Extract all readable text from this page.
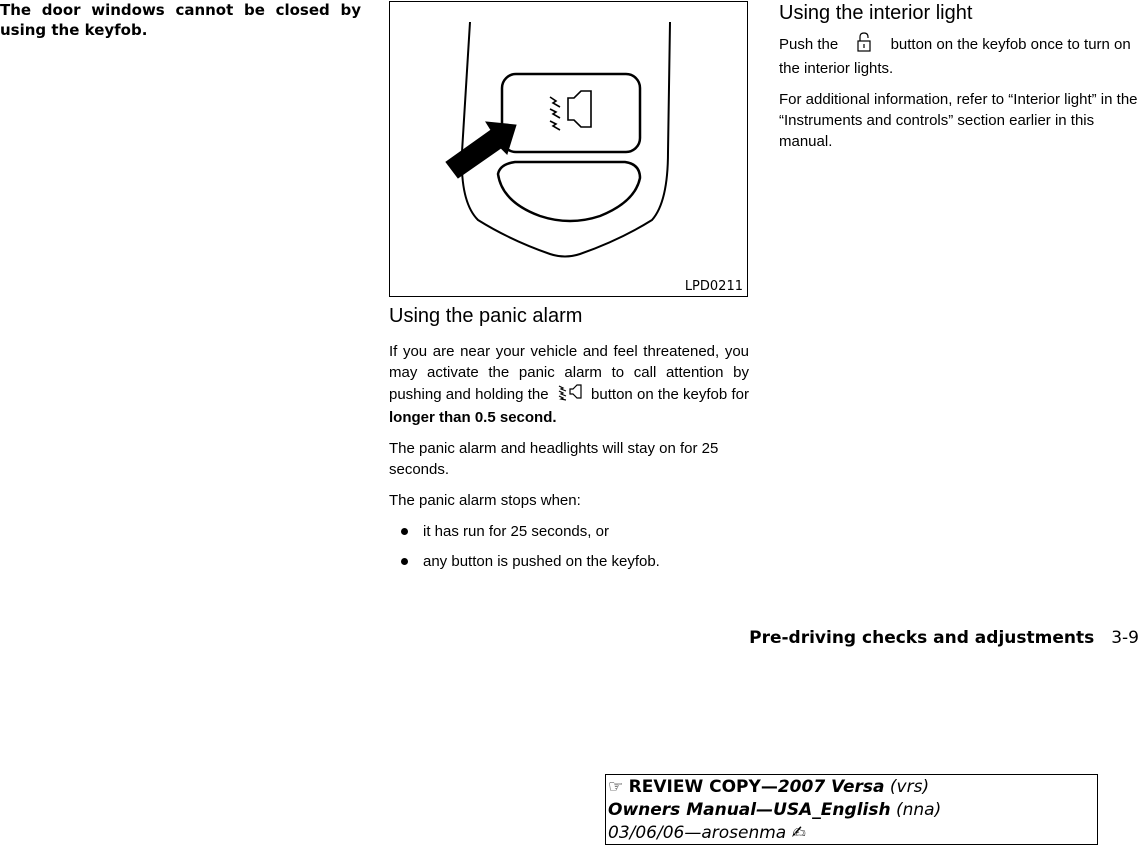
The door windows cannot be closed by using the keyfob.

LPD0211
Using the panic alarm

If you are near your vehicle and feel threatened, you may activate the panic alarm to call attention by pushing and holding the	button on the keyfob for longer than 0.5 second.

The panic alarm and headlights will stay on for 25 seconds.

The panic alarm stops when:

it has run for 25 seconds, or
any button is pushed on the keyfob.
Using the interior light

Push the	button on the keyfob once to turn on the interior lights.

For additional information, refer to “Interior light” in the “Instruments and controls” section earlier in this manual.

Pre-driving checks and adjustments 3-9
☞ REVIEW COPY—2007 Versa (vrs)
Owners Manual—USA_English (nna)
03/06/06—arosenma ✍
